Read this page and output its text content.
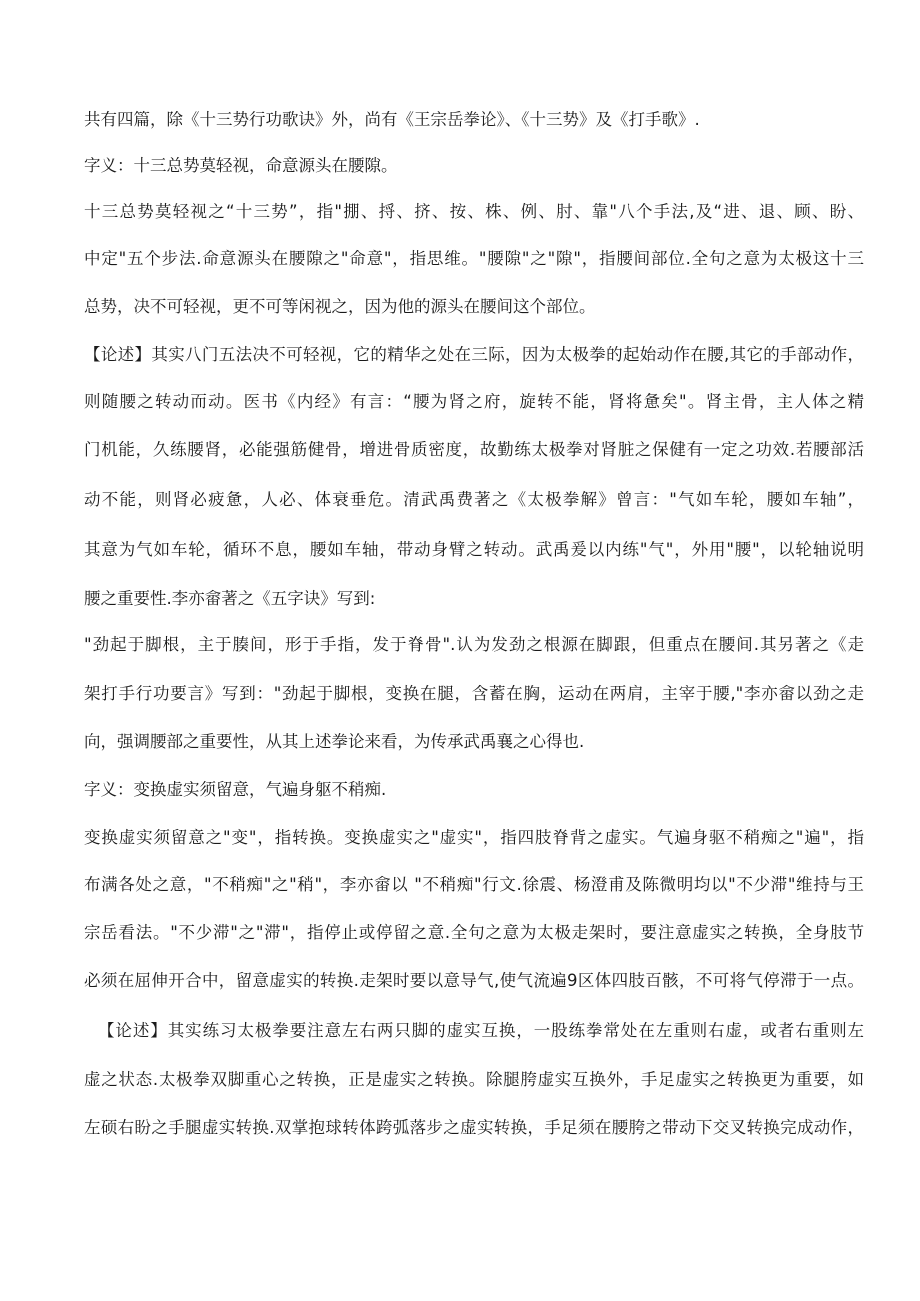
共有四篇，除《十三势行功歌诀》外，尚有《王宗岳拳论》、《十三势》及《打手歌》.

字义：十三总势莫轻视，命意源头在腰隙。

十三总势莫轻视之“十三势”，指"掤、捋、挤、按、株、例、肘、靠"八个手法,及“进、退、顾、盼、

中定"五个步法.命意源头在腰隙之"命意"，指思维。"腰隙"之"隙"，指腰间部位.全句之意为太极这十三

总势，决不可轻视，更不可等闲视之，因为他的源头在腰间这个部位。

【论述】其实八门五法决不可轻视，它的精华之处在三际，因为太极拳的起始动作在腰,其它的手部动作，

则随腰之转动而动。医书《内经》有言：“腰为肾之府，旋转不能，肾将惫矣"。肾主骨，主人体之精

门机能，久练腰肾，必能强筋健骨，增进骨质密度，故勤练太极拳对肾脏之保健有一定之功效.若腰部活

动不能，则肾必疲惫，人必、体衰垂危。清武禹费著之《太极拳解》曾言："气如车轮，腰如车轴”，

其意为气如车轮，循环不息，腰如车轴，带动身臂之转动。武禹爰以内练"气"，外用"腰"，以轮轴说明

腰之重要性.李亦畲著之《五字诀》写到:

"劲起于脚根，主于腠间，形于手指，发于脊骨".认为发劲之根源在脚跟，但重点在腰间.其另著之《走

架打手行功要言》写到："劲起于脚根，变换在腿，含蓄在胸，运动在两肩，主宰于腰,"李亦畲以劲之走

向，强调腰部之重要性，从其上述拳论来看，为传承武禹襄之心得也.

字义：变换虚实须留意，气遍身躯不稍痴.

变换虚实须留意之"变"，指转换。变换虚实之"虚实"，指四肢脊背之虚实。气遍身驱不稍痴之"遍"，指

布满各处之意，"不稍痴"之"稍"，李亦畲以 "不稍痴"行文.徐震、杨澄甫及陈微明均以"不少滞"维持与王

宗岳看法。"不少滞"之"滞"，指停止或停留之意.全句之意为太极走架时，要注意虚实之转换，全身肢节

必须在屈伸开合中，留意虚实的转换.走架时要以意导气,使气流遍9区体四肢百骸，不可将气停滞于一点。

【论述】其实练习太极拳要注意左右两只脚的虚实互换，一股练拳常处在左重则右虚，或者右重则左

虚之状态.太极拳双脚重心之转换，正是虚实之转换。除腿胯虚实互换外，手足虚实之转换更为重要，如

左硕右盼之手腿虚实转换.双掌抱球转体跨弧落步之虚实转换，手足须在腰胯之带动下交叉转换完成动作，
